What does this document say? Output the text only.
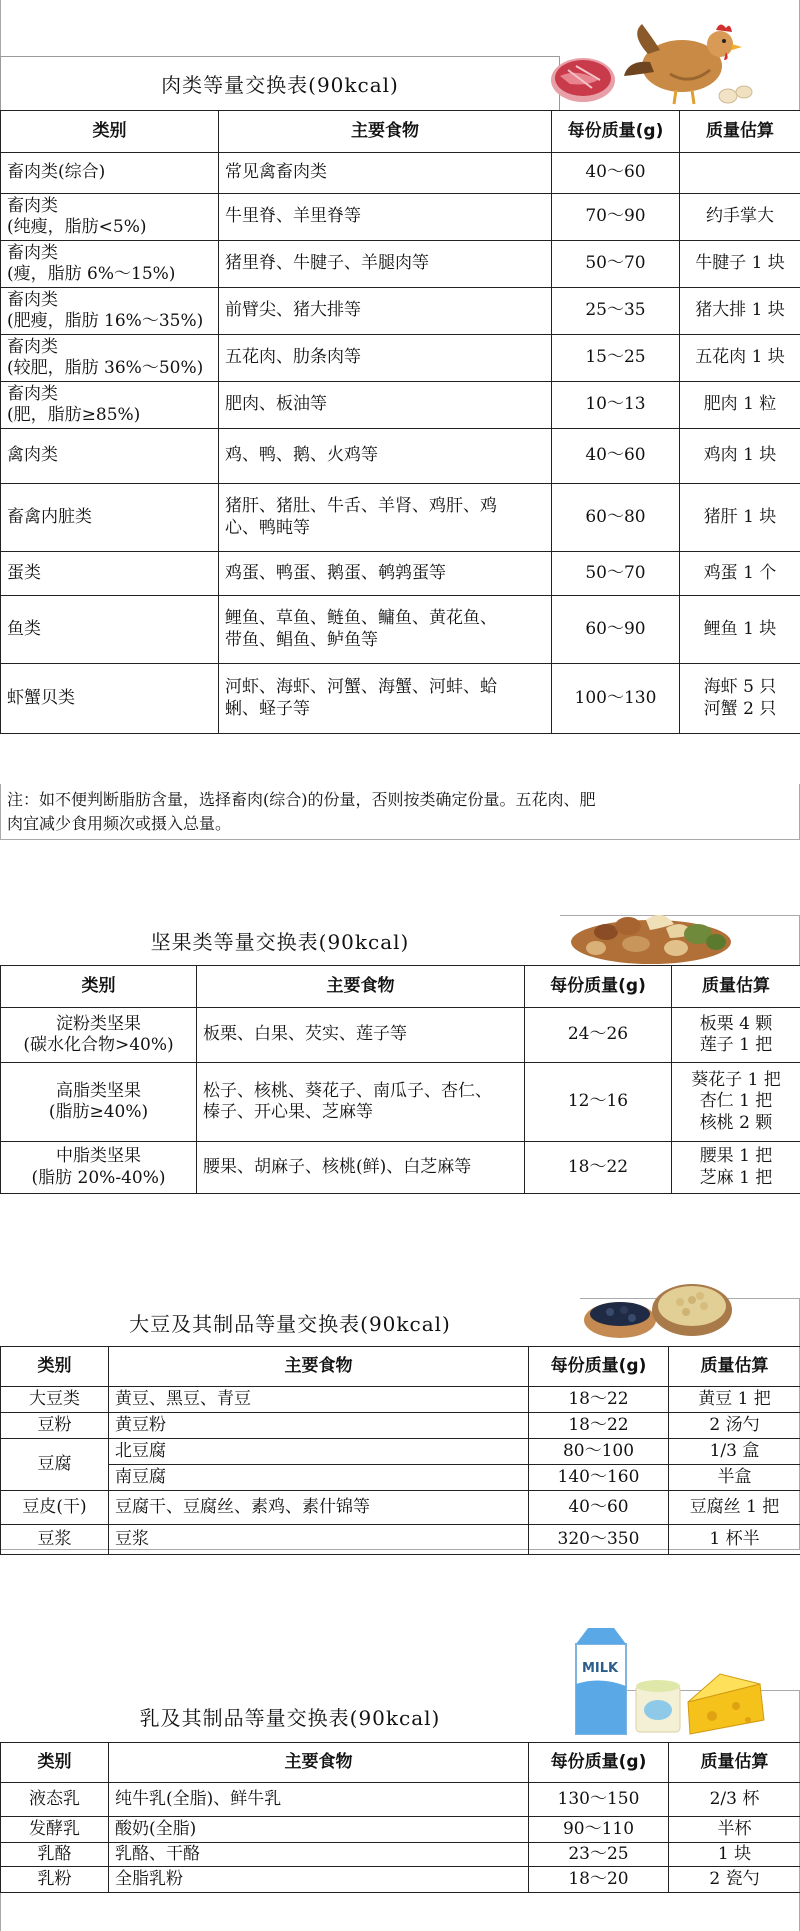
肉类等量交换表(90kcal)
类别	主要食物	每份质量(g)	质量估算

畜肉类(综合)	常见禽畜肉类	40～60	

畜肉类
(纯瘦，脂肪<5%)	牛里脊、羊里脊等	70～90	约手掌大

畜肉类
(瘦，脂肪 6%～15%)	猪里脊、牛腱子、羊腿肉等	50～70	牛腱子 1 块

畜肉类
(肥瘦，脂肪 16%～35%)	前臂尖、猪大排等	25～35	猪大排 1 块

畜肉类
(较肥，脂肪 36%～50%)	五花肉、肋条肉等	15～25	五花肉 1 块

畜肉类
(肥，脂肪≥85%)	肥肉、板油等	10～13	肥肉 1 粒

禽肉类	鸡、鸭、鹅、火鸡等	40～60	鸡肉 1 块

畜禽内脏类	猪肝、猪肚、牛舌、羊肾、鸡肝、鸡
心、鸭盹等	60～80	猪肝 1 块

蛋类	鸡蛋、鸭蛋、鹅蛋、鹌鹑蛋等	50～70	鸡蛋 1 个

鱼类	鲤鱼、草鱼、鲢鱼、鳙鱼、黄花鱼、
带鱼、鲳鱼、鲈鱼等	60～90	鲤鱼 1 块

虾蟹贝类	河虾、海虾、河蟹、海蟹、河蚌、蛤
蜊、蛏子等	100～130	海虾 5 只
河蟹 2 只
注：如不便判断脂肪含量，选择畜肉(综合)的份量，否则按类确定份量。五花肉、肥
肉宜减少食用频次或摄入总量。
坚果类等量交换表(90kcal)
类别	主要食物	每份质量(g)	质量估算

淀粉类坚果
(碳水化合物>40%)	板栗、白果、芡实、莲子等	24～26	板栗 4 颗
莲子 1 把

高脂类坚果
(脂肪≥40%)	松子、核桃、葵花子、南瓜子、杏仁、
榛子、开心果、芝麻等	12～16	葵花子 1 把
杏仁 1 把
核桃 2 颗

中脂类坚果
(脂肪 20%-40%)	腰果、胡麻子、核桃(鲜)、白芝麻等	18～22	腰果 1 把
芝麻 1 把
大豆及其制品等量交换表(90kcal)
类别	主要食物	每份质量(g)	质量估算
大豆类	黄豆、黑豆、青豆	18～22	黄豆 1 把
豆粉	黄豆粉	18～22	2 汤勺
豆腐	北豆腐	80～100	1/3 盒
	南豆腐	140～160	半盒
豆皮(干)	豆腐干、豆腐丝、素鸡、素什锦等	40～60	豆腐丝 1 把
豆浆	豆浆	320～350	1 杯半
乳及其制品等量交换表(90kcal)
MILK
类别	主要食物	每份质量(g)	质量估算
液态乳	纯牛乳(全脂)、鲜牛乳	130～150	2/3 杯
发酵乳	酸奶(全脂)	90～110	半杯
乳酪	乳酪、干酪	23～25	1 块
乳粉	全脂乳粉	18～20	2 瓷勺
